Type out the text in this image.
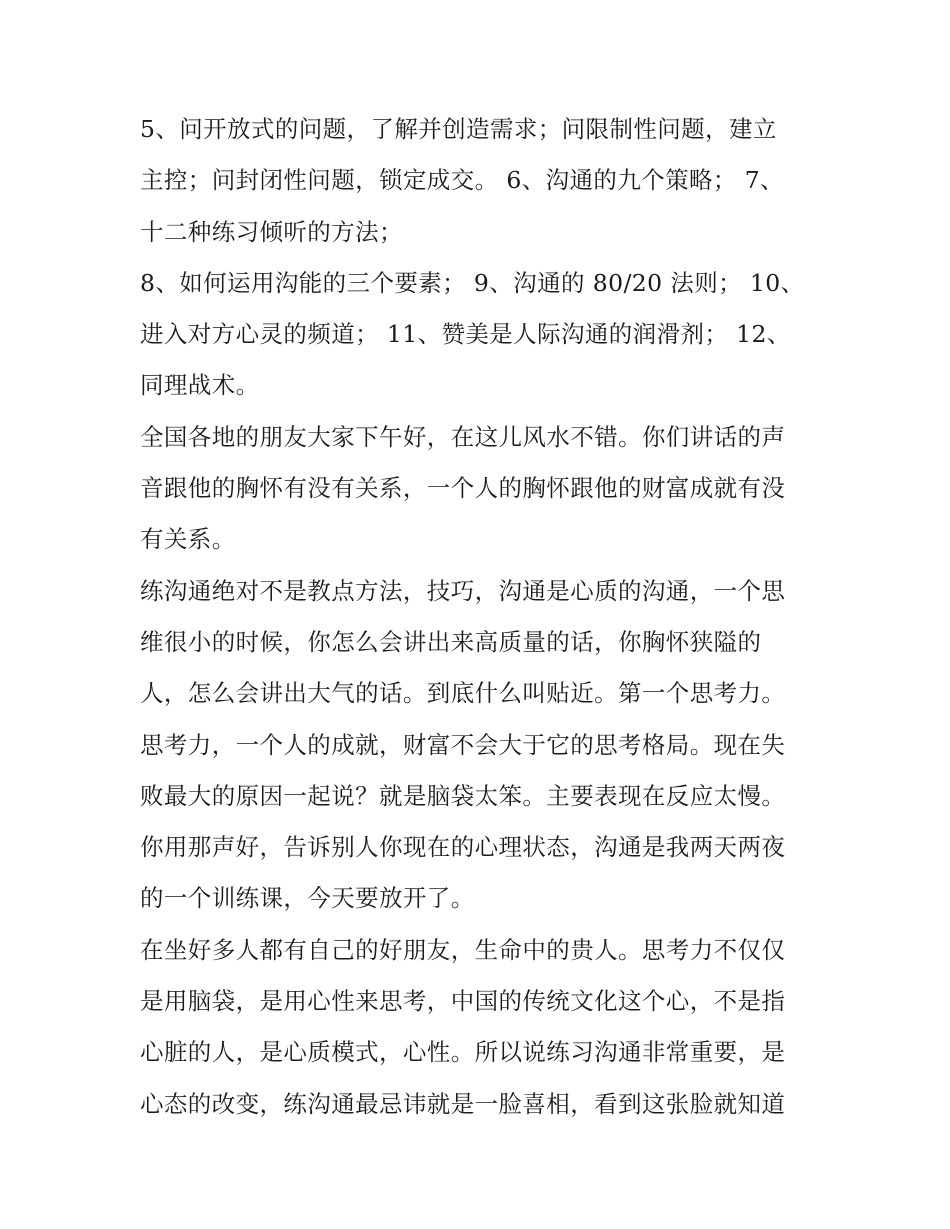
5、问开放式的问题，了解并创造需求；问限制性问题，建立
主控；问封闭性问题，锁定成交。 6、沟通的九个策略； 7、
十二种练习倾听的方法；
8、如何运用沟能的三个要素； 9、沟通的 80/20 法则； 10、
进入对方心灵的频道； 11、赞美是人际沟通的润滑剂； 12、
同理战术。
全国各地的朋友大家下午好，在这儿风水不错。你们讲话的声
音跟他的胸怀有没有关系，一个人的胸怀跟他的财富成就有没
有关系。
练沟通绝对不是教点方法，技巧，沟通是心质的沟通，一个思
维很小的时候，你怎么会讲出来高质量的话，你胸怀狭隘的
人，怎么会讲出大气的话。到底什么叫贴近。第一个思考力。
思考力，一个人的成就，财富不会大于它的思考格局。现在失
败最大的原因一起说？就是脑袋太笨。主要表现在反应太慢。
你用那声好，告诉别人你现在的心理状态，沟通是我两天两夜
的一个训练课，今天要放开了。
在坐好多人都有自己的好朋友，生命中的贵人。思考力不仅仅
是用脑袋，是用心性来思考，中国的传统文化这个心，不是指
心脏的人，是心质模式，心性。所以说练习沟通非常重要，是
心态的改变，练沟通最忌讳就是一脸喜相，看到这张脸就知道
